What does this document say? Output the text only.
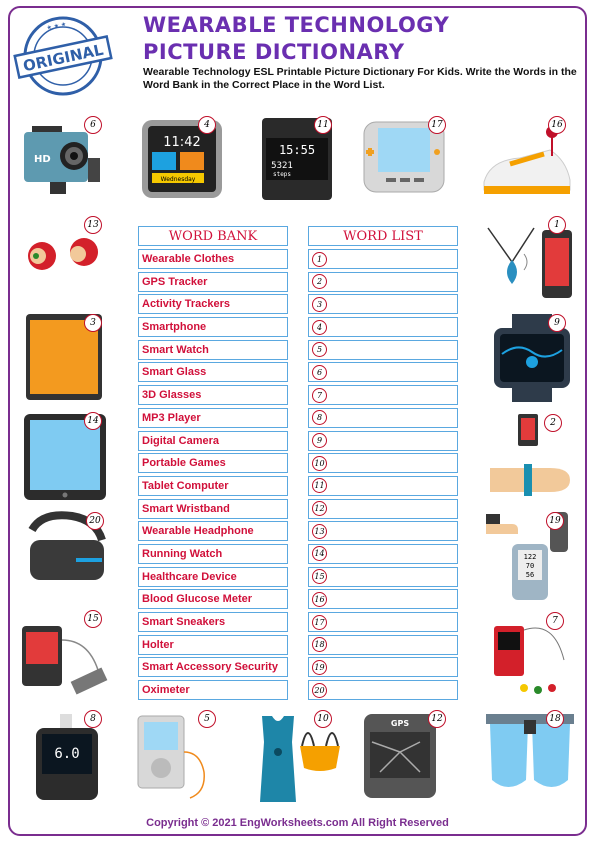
ORIGINAL
★ ★ ★	WEARABLE TECHNOLOGY
PICTURE DICTIONARY
Wearable Technology ESL Printable Picture Dictionary For Kids. Write the Words in the Word Bank in the Correct Place in the Word List.
HD
6
11:42
Wednesday
4
15:55
5321
steps
11	17	16
13	1
3	9
14	2
20
122
70
56
19
15	7
6.0
8	5	10	GPS	12	18
WORD BANK	WORD LIST
Wearable Clothes
GPS Tracker
Activity Trackers
Smartphone
Smart Watch
Smart Glass
3D Glasses
MP3 Player
Digital Camera
Portable Games
Tablet Computer
Smart Wristband
Wearable Headphone
Running Watch
Healthcare Device
Blood Glucose Meter
Smart Sneakers
Holter
Smart Accessory Security
Oximeter
1
2
3
4
5
6
7
8
9
10
11
12
13
14
15
16
17
18
19
20
Copyright © 2021 EngWorksheets.com All Right Reserved
